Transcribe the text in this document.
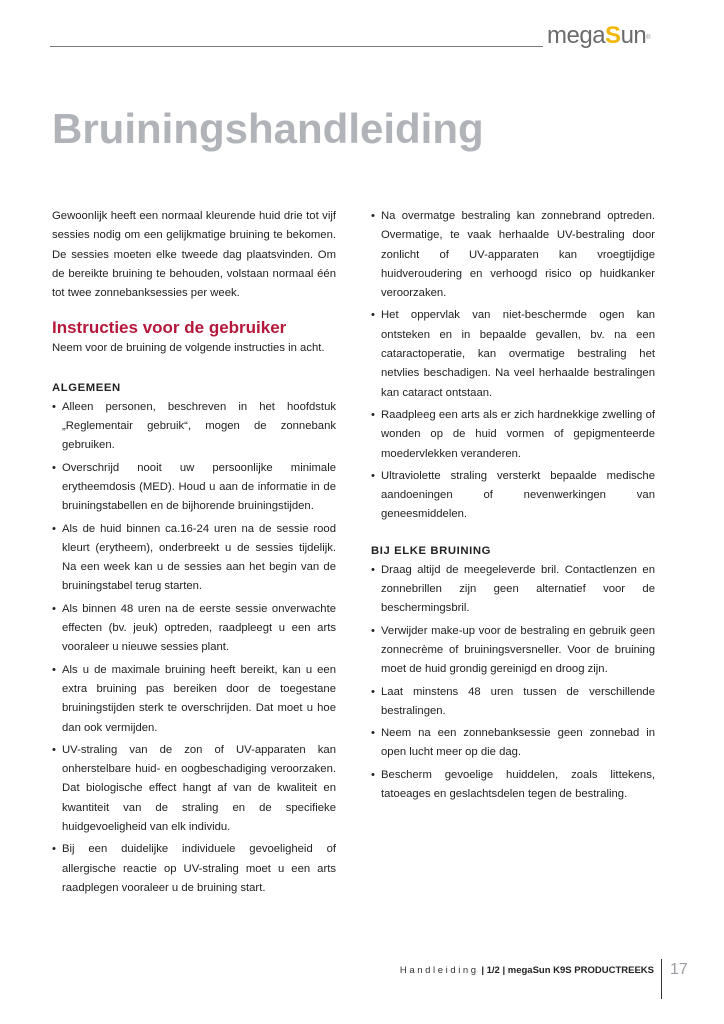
megaSun®
Bruiningshandleiding

Gewoonlijk heeft een normaal kleurende huid drie tot vijf sessies nodig om een gelijkmatige bruining te bekomen. De sessies moeten elke tweede dag plaatsvinden. Om de bereikte bruining te behouden, volstaan normaal één tot twee zonnebanksessies per week.

Instructies voor de gebruiker

Neem voor de bruining de volgende instructies in acht.

ALGEMEEN
• Alleen personen, beschreven in het hoofdstuk „Reglementair gebruik“, mogen de zonnebank gebruiken.
• Overschrijd nooit uw persoonlijke minimale erytheemdosis (MED). Houd u aan de informatie in de bruiningstabellen en de bijhorende bruiningstijden.
• Als de huid binnen ca.16-24 uren na de sessie rood kleurt (erytheem), onderbreekt u de sessies tijdelijk. Na een week kan u de sessies aan het begin van de bruiningstabel terug starten.
• Als binnen 48 uren na de eerste sessie onverwachte effecten (bv. jeuk) optreden, raadpleegt u een arts vooraleer u nieuwe sessies plant.
• Als u de maximale bruining heeft bereikt, kan u een extra bruining pas bereiken door de toegestane bruiningstijden sterk te overschrijden. Dat moet u hoe dan ook vermijden.
• UV-straling van de zon of UV-apparaten kan onherstelbare huid- en oogbeschadiging veroorzaken. Dat biologische effect hangt af van de kwaliteit en kwantiteit van de straling en de specifieke huidgevoeligheid van elk individu.
• Bij een duidelijke individuele gevoeligheid of allergische reactie op UV-straling moet u een arts raadplegen vooraleer u de bruining start.
• Na overmatge bestraling kan zonnebrand optreden. Overmatige, te vaak herhaalde UV-bestraling door zonlicht of UV-apparaten kan vroegtijdige huidveroudering en verhoogd risico op huidkanker veroorzaken.
• Het oppervlak van niet-beschermde ogen kan ontsteken en in bepaalde gevallen, bv. na een cataractoperatie, kan overmatige bestraling het netvlies beschadigen. Na veel herhaalde bestralingen kan cataract ontstaan.
• Raadpleeg een arts als er zich hardnekkige zwelling of wonden op de huid vormen of gepigmenteerde moedervlekken veranderen.
• Ultraviolette straling versterkt bepaalde medische aandoeningen of nevenwerkingen van geneesmiddelen.
BIJ ELKE BRUINING
• Draag altijd de meegeleverde bril. Contactlenzen en zonnebrillen zijn geen alternatief voor de beschermingsbril.
• Verwijder make-up voor de bestraling en gebruik geen zonnecrème of bruiningsversneller. Voor de bruining moet de huid grondig gereinigd en droog zijn.
• Laat minstens 48 uren tussen de verschillende bestralingen.
• Neem na een zonnebanksessie geen zonnebad in open lucht meer op die dag.
• Bescherm gevoelige huiddelen, zoals littekens, tatoeages en geslachtsdelen tegen de bestraling.
Handleiding | 1/2 | megaSun K9S PRODUCTREEKS 17
